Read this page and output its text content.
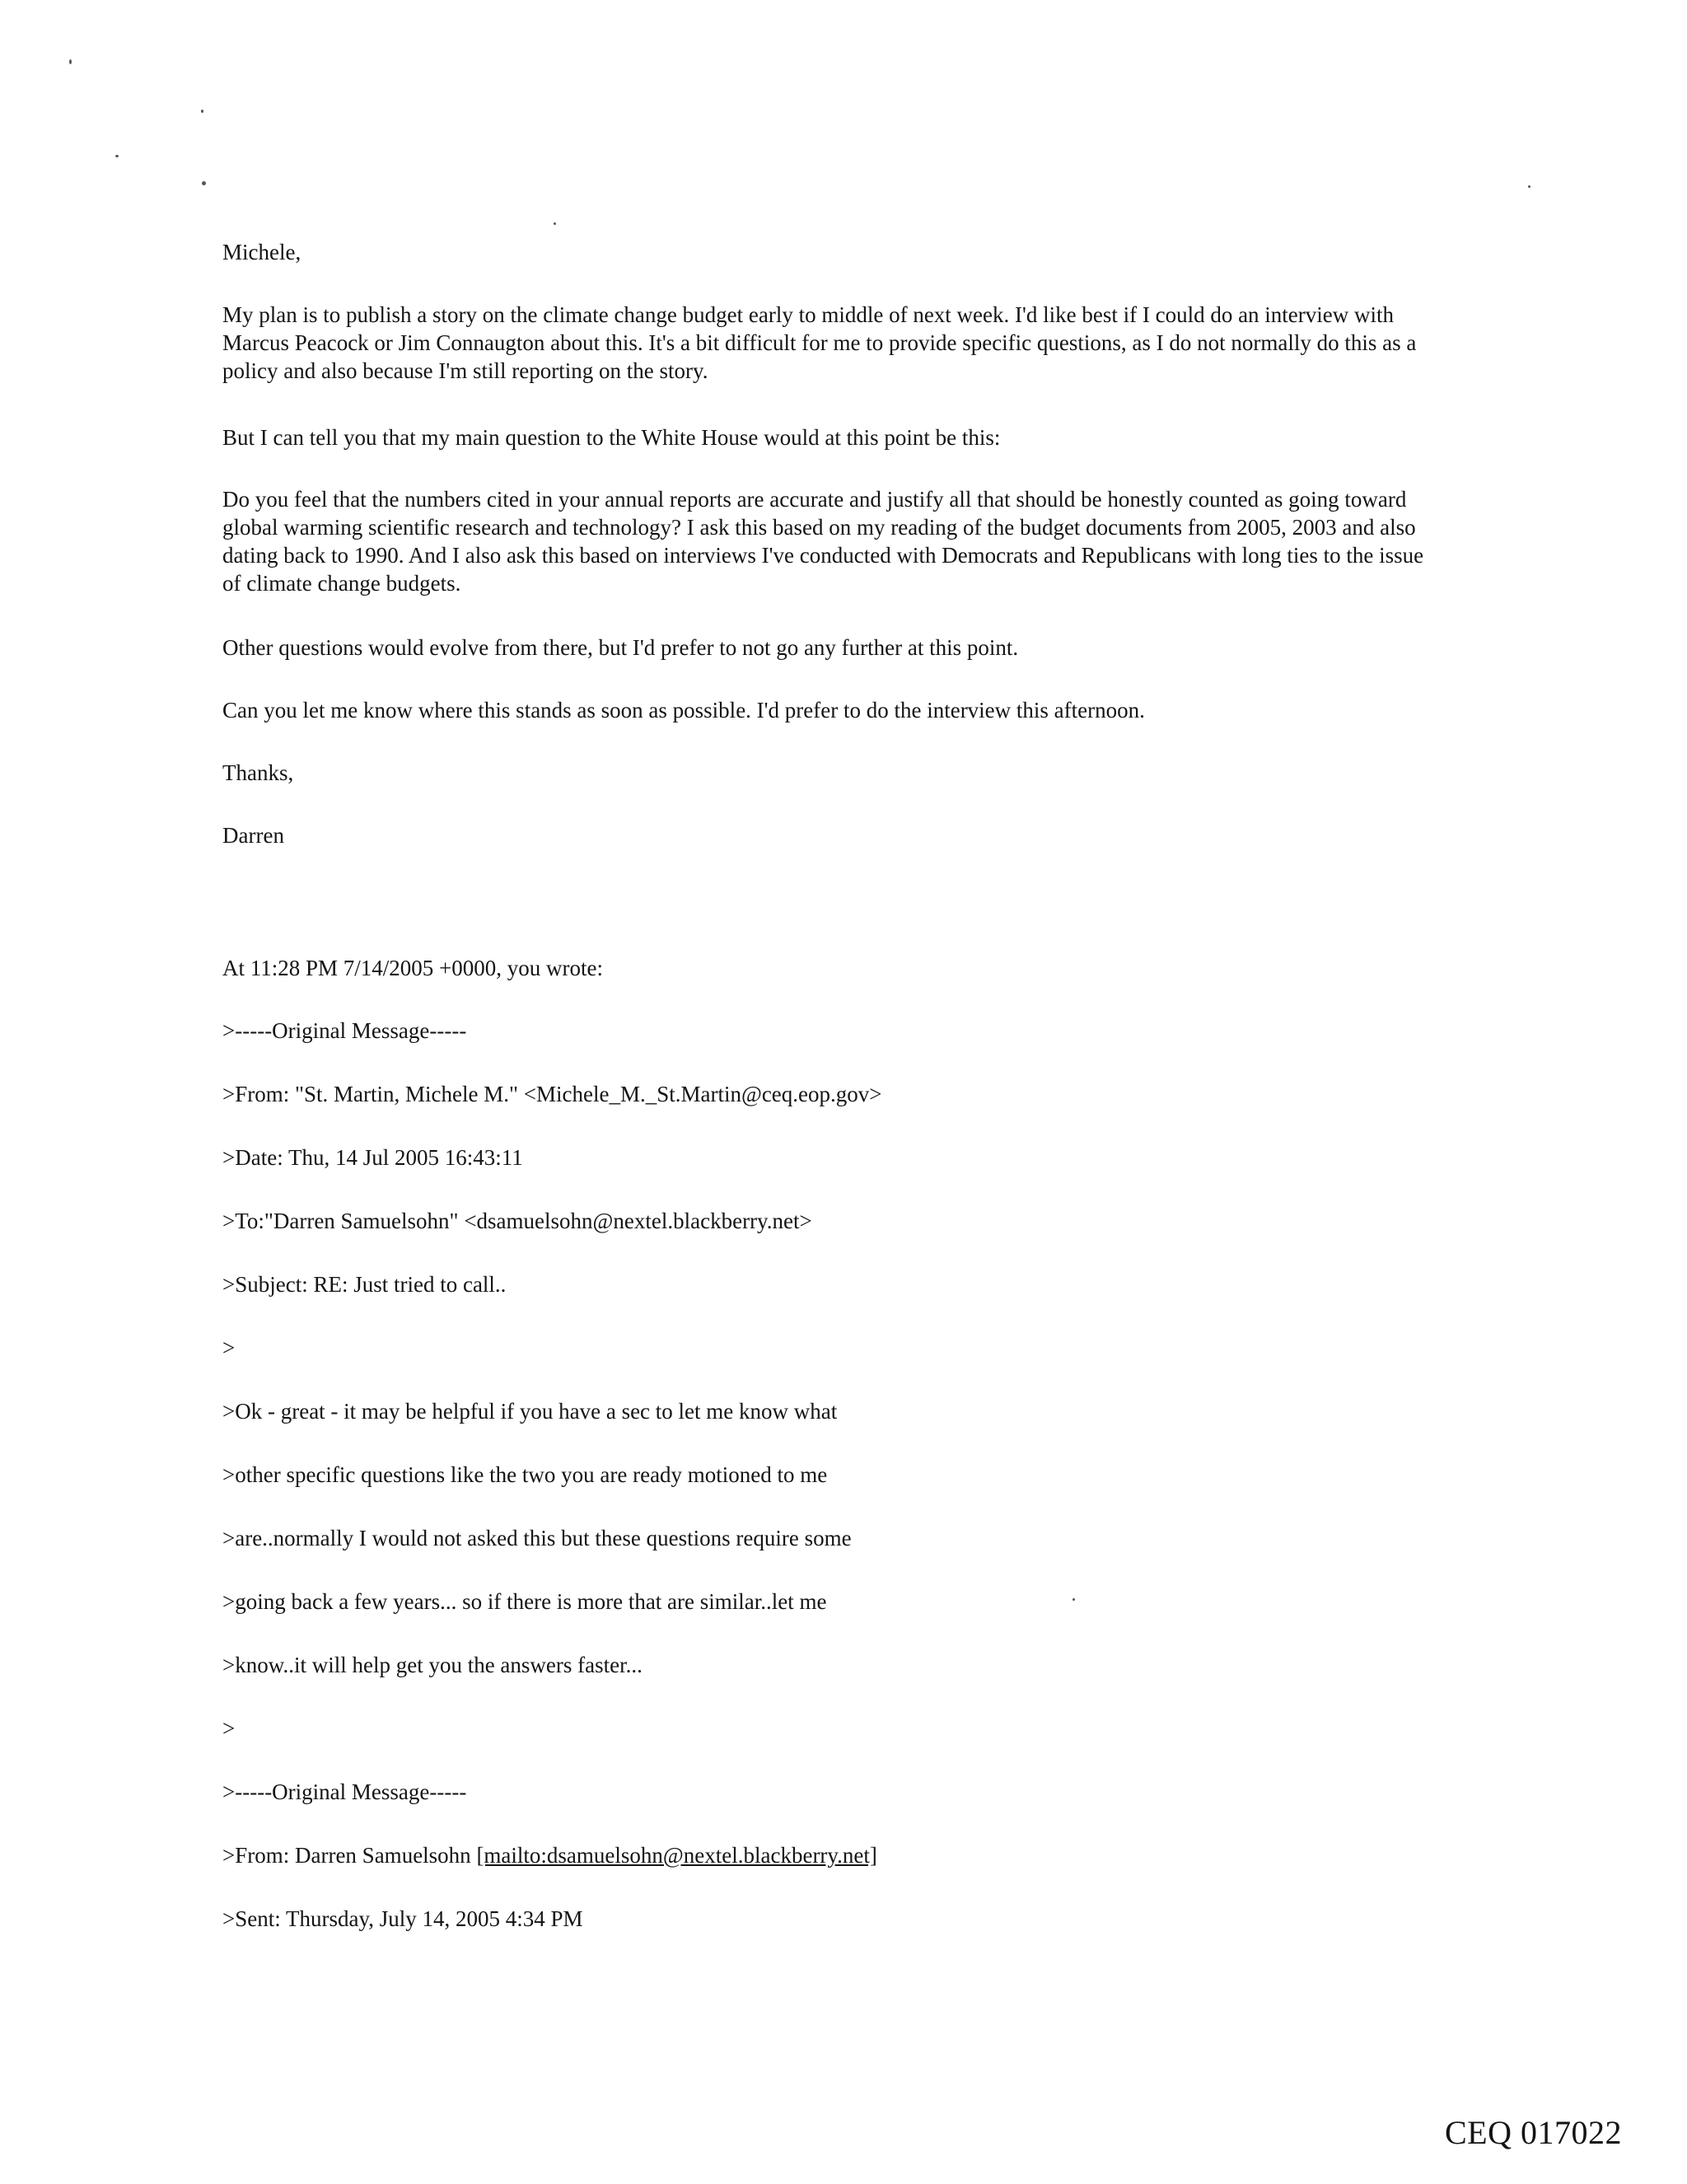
Michele,

My plan is to publish a story on the climate change budget early to middle of next week. I'd like best if I could do an interview with
Marcus Peacock or Jim Connaugton about this. It's a bit difficult for me to provide specific questions, as I do not normally do this as a
policy and also because I'm still reporting on the story.

But I can tell you that my main question to the White House would at this point be this:

Do you feel that the numbers cited in your annual reports are accurate and justify all that should be honestly counted as going toward
global warming scientific research and technology? I ask this based on my reading of the budget documents from 2005, 2003 and also
dating back to 1990. And I also ask this based on interviews I've conducted with Democrats and Republicans with long ties to the issue
of climate change budgets.

Other questions would evolve from there, but I'd prefer to not go any further at this point.

Can you let me know where this stands as soon as possible. I'd prefer to do the interview this afternoon.

Thanks,

Darren

At 11:28 PM 7/14/2005 +0000, you wrote:

>-----Original Message-----

>From: "St. Martin, Michele M." <Michele_M._St.Martin@ceq.eop.gov>

>Date: Thu, 14 Jul 2005 16:43:11

>To:"Darren Samuelsohn" <dsamuelsohn@nextel.blackberry.net>

>Subject: RE: Just tried to call..

>

>Ok - great - it may be helpful if you have a sec to let me know what

>other specific questions like the two you are ready motioned to me

>are..normally I would not asked this but these questions require some

>going back a few years... so if there is more that are similar..let me

>know..it will help get you the answers faster...

>

>-----Original Message-----

>From: Darren Samuelsohn [mailto:dsamuelsohn@nextel.blackberry.net]

>Sent: Thursday, July 14, 2005 4:34 PM

CEQ 017022
